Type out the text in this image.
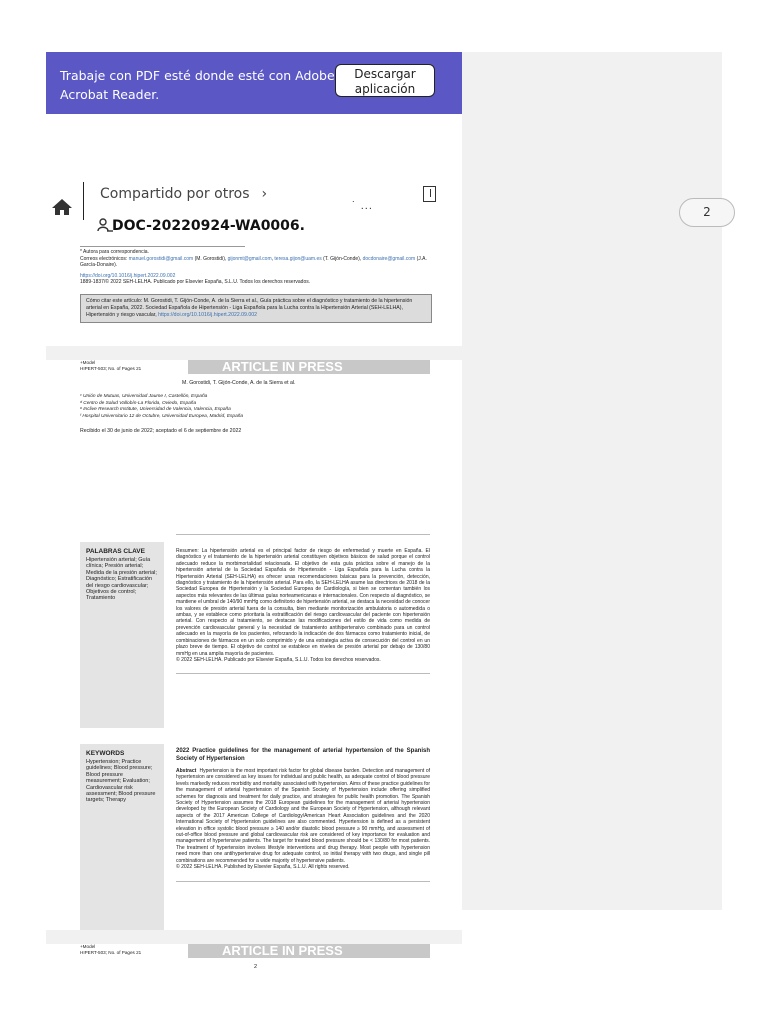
Trabaje con PDF esté donde esté con Adobe Acrobat Reader.
Descargar
aplicación
Compartido por otros ›
˙ ...
DOC-20220924-WA0006.
* Autora para correspondencia.
Correos electrónicos: manuel.gorostidi@gmail.com (M. Gorostidi), gijonmt@gmail.com, teresa.gijon@uam.es (T. Gijón-Conde), docdonaire@gmail.com (J.A. García-Donaire).
https://doi.org/10.1016/j.hipert.2022.09.002
1889-1837/© 2022 SEH-LELHA. Publicado por Elsevier España, S.L.U. Todos los derechos reservados.
Cómo citar este artículo: M. Gorostidi, T. Gijón-Conde, A. de la Sierra et al., Guía práctica sobre el diagnóstico y tratamiento de la hipertensión arterial en España, 2022. Sociedad Española de Hipertensión - Liga Española para la Lucha contra la Hipertensión Arterial (SEH-LELHA), Hipertensión y riesgo vascular, https://doi.org/10.1016/j.hipert.2022.09.002
+Model
HIPERT-503; No. of Pages 21	ARTICLE IN PRESS
M. Gorostidi, T. Gijón-Conde, A. de la Sierra et al.
ᶜ Unión de Mutuas, Universidad Jaume I, Castellón, España
ᵈ Centro de Salud Vallobín-La Florida, Oviedo, España
ᵉ Inclive Research Institute, Universidad de Valencia, Valencia, España
ᶠ Hospital Universitario 12 de Octubre, Universidad Europea, Madrid, España
Recibido el 30 de junio de 2022; aceptado el 6 de septiembre de 2022
PALABRAS CLAVE
Hipertensión arterial; Guía clínica; Presión arterial; Medida de la presión arterial; Diagnóstico; Estratificación del riesgo cardiovascular; Objetivos de control; Tratamiento
Resumen: La hipertensión arterial es el principal factor de riesgo de enfermedad y muerte en España. El diagnóstico y el tratamiento de la hipertensión arterial constituyen objetivos básicos de salud porque el control adecuado reduce la morbimortalidad relacionada. El objetivo de esta guía práctica sobre el manejo de la hipertensión arterial de la Sociedad Española de Hipertensión - Liga Española para la Lucha contra la Hipertensión Arterial (SEH-LELHA) es ofrecer unas recomendaciones básicas para la prevención, detección, diagnóstico y tratamiento de la hipertensión arterial. Para ello, la SEH-LELHA asume las directrices de 2018 de la Sociedad Europea de Hipertensión y la Sociedad Europea de Cardiología, si bien se comentan también los aspectos más relevantes de las últimas guías norteamericanas e internacionales. Con respecto al diagnóstico, se mantiene el umbral de 140/90 mmHg como definitorio de hipertensión arterial, se destaca la necesidad de conocer los valores de presión arterial fuera de la consulta, bien mediante monitorización ambulatoria o automedida o ambas, y se establece como prioritaria la estratificación del riesgo cardiovascular del paciente con hipertensión arterial. Con respecto al tratamiento, se destacan las modificaciones del estilo de vida como medida de prevención cardiovascular general y la necesidad de tratamiento antihipertensivo combinado para un control adecuado en la mayoría de los pacientes, reforzando la indicación de dos fármacos como tratamiento inicial, de combinaciones de fármacos en un solo comprimido y de una estrategia activa de consecución del control en un plazo breve de tiempo. El objetivo de control se establece en niveles de presión arterial por debajo de 130/80 mmHg en una amplia mayoría de pacientes.
© 2022 SEH-LELHA. Publicado por Elsevier España, S.L.U. Todos los derechos reservados.
KEYWORDS
Hypertension; Practice guidelines; Blood pressure; Blood pressure measurement; Evaluation; Cardiovascular risk assessment; Blood pressure targets; Therapy
2022 Practice guidelines for the management of arterial hypertension of the Spanish Society of Hypertension
Abstract Hypertension is the most important risk factor for global disease burden. Detection and management of hypertension are considered as key issues for individual and public health, as adequate control of blood pressure levels markedly reduces morbidity and mortality associated with hypertension. Aims of these practice guidelines for the management of arterial hypertension of the Spanish Society of Hypertension include offering simplified schemes for diagnosis and treatment for daily practice, and strategies for public health promotion. The Spanish Society of Hypertension assumes the 2018 European guidelines for the management of arterial hypertension developed by the European Society of Cardiology and the European Society of Hypertension, although relevant aspects of the 2017 American College of Cardiology/American Heart Association guidelines and the 2020 International Society of Hypertension guidelines are also commented. Hypertension is defined as a persistent elevation in office systolic blood pressure ≥ 140 and/or diastolic blood pressure ≥ 90 mmHg, and assessment of out-of-office blood pressure and global cardiovascular risk are considered of key importance for evaluation and management of hypertensive patients. The target for treated blood pressure should be < 130/80 for most patients. The treatment of hypertension involves lifestyle interventions and drug therapy. Most people with hypertension need more than one antihypertensive drug for adequate control, so initial therapy with two drugs, and single pill combinations are recommended for a wide majority of hypertensive patients.
© 2022 SEH-LELHA. Published by Elsevier España, S.L.U. All rights reserved.
2
+Model
HIPERT-503; No. of Pages 21	ARTICLE IN PRESS
2
